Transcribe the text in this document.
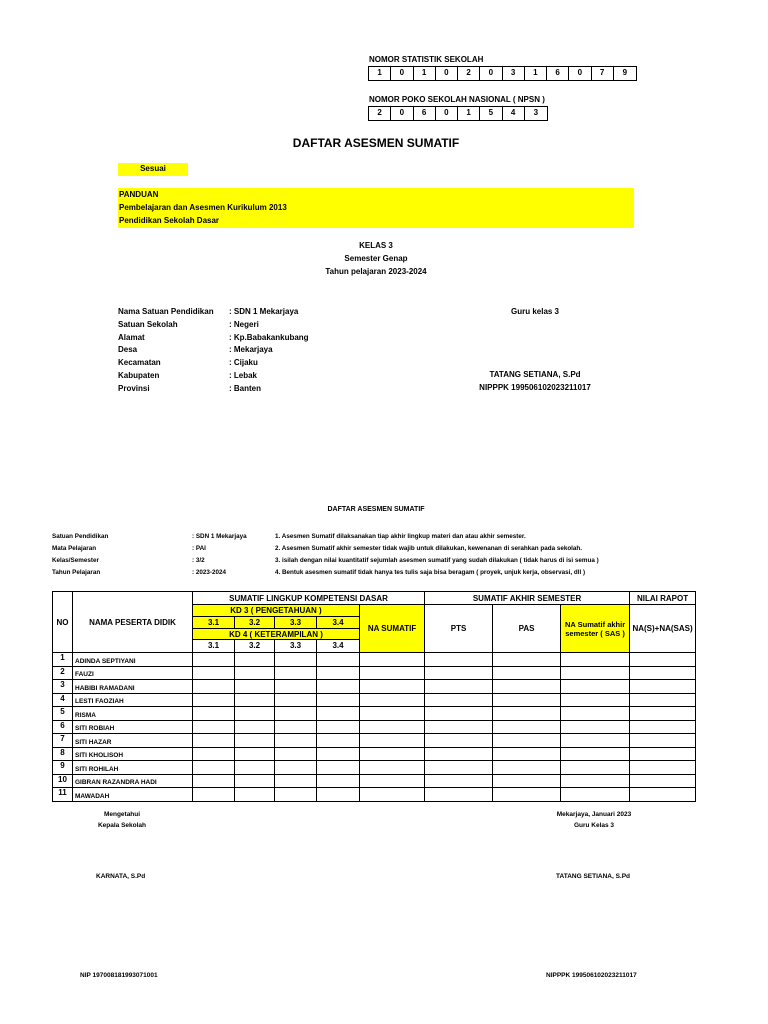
NOMOR STATISTIK SEKOLAH
1	0	1	0	2	0	3	1	6	0	7	9
NOMOR POKO SEKOLAH NASIONAL ( NPSN )
2	0	6	0	1	5	4	3
DAFTAR ASESMEN SUMATIF
Sesuai
PANDUAN
Pembelajaran dan Asesmen Kurikulum 2013
Pendidikan Sekolah Dasar
KELAS 3
Semester Genap
Tahun pelajaran 2023-2024
Nama Satuan Pendidikan	: SDN 1 Mekarjaya
Satuan Sekolah	: Negeri
Alamat	: Kp.Babakankubang
Desa	: Mekarjaya
Kecamatan	: Cijaku
Kabupaten	: Lebak
Provinsi	: Banten
Guru kelas 3
TATANG SETIANA, S.Pd
NIPPPK 199506102023211017
DAFTAR ASESMEN SUMATIF
Satuan Pendidikan	: SDN 1 Mekarjaya
Mata Pelajaran	: PAI
Kelas/Semester	: 3/2
Tahun Pelajaran	: 2023-2024
1. Asesmen Sumatif dilaksanakan tiap akhir lingkup materi dan atau akhir semester.
2. Asesmen Sumatif akhir semester tidak wajib untuk dilakukan, kewenanan di serahkan pada sekolah.
3. isilah dengan nilai kuantitatif sejumlah asesmen sumatif yang sudah dilakukan ( tidak harus di isi semua )
4. Bentuk asesmen sumatif tidak hanya tes tulis saja bisa beragam ( proyek, unjuk kerja, observasi, dll )
NO	NAMA PESERTA DIDIK	SUMATIF LINGKUP KOMPETENSI DASAR					SUMATIF AKHIR SEMESTER			NILAI RAPOT
		KD 3 ( PENGETAHUAN )				NA SUMATIF	PTS	PAS	NA Sumatif akhir semester ( SAS )	NA(S)+NA(SAS)
		3.1	3.2	3.3	3.4					

		KD 4 ( KETERAMPILAN )
3.1 3.2 3.3 3.4								

1	ADINDA SEPTIYANI									
2	FAUZI									
3	HABIBI RAMADANI									
4	LESTI FAOZIAH									
5	RISMA									
6	SITI ROBIAH									
7	SITI HAZAR									
8	SITI KHOLISOH									
9	SITI ROHILAH									
10	GIBRAN RAZANDRA HADI									
11	MAWADAH									
Mengetahui
Kepala Sekolah
KARNATA, S.Pd
NIP 197008181993071001
Mekarjaya, Januari 2023
Guru Kelas 3
TATANG SETIANA, S.Pd
NIPPPK 199506102023211017
